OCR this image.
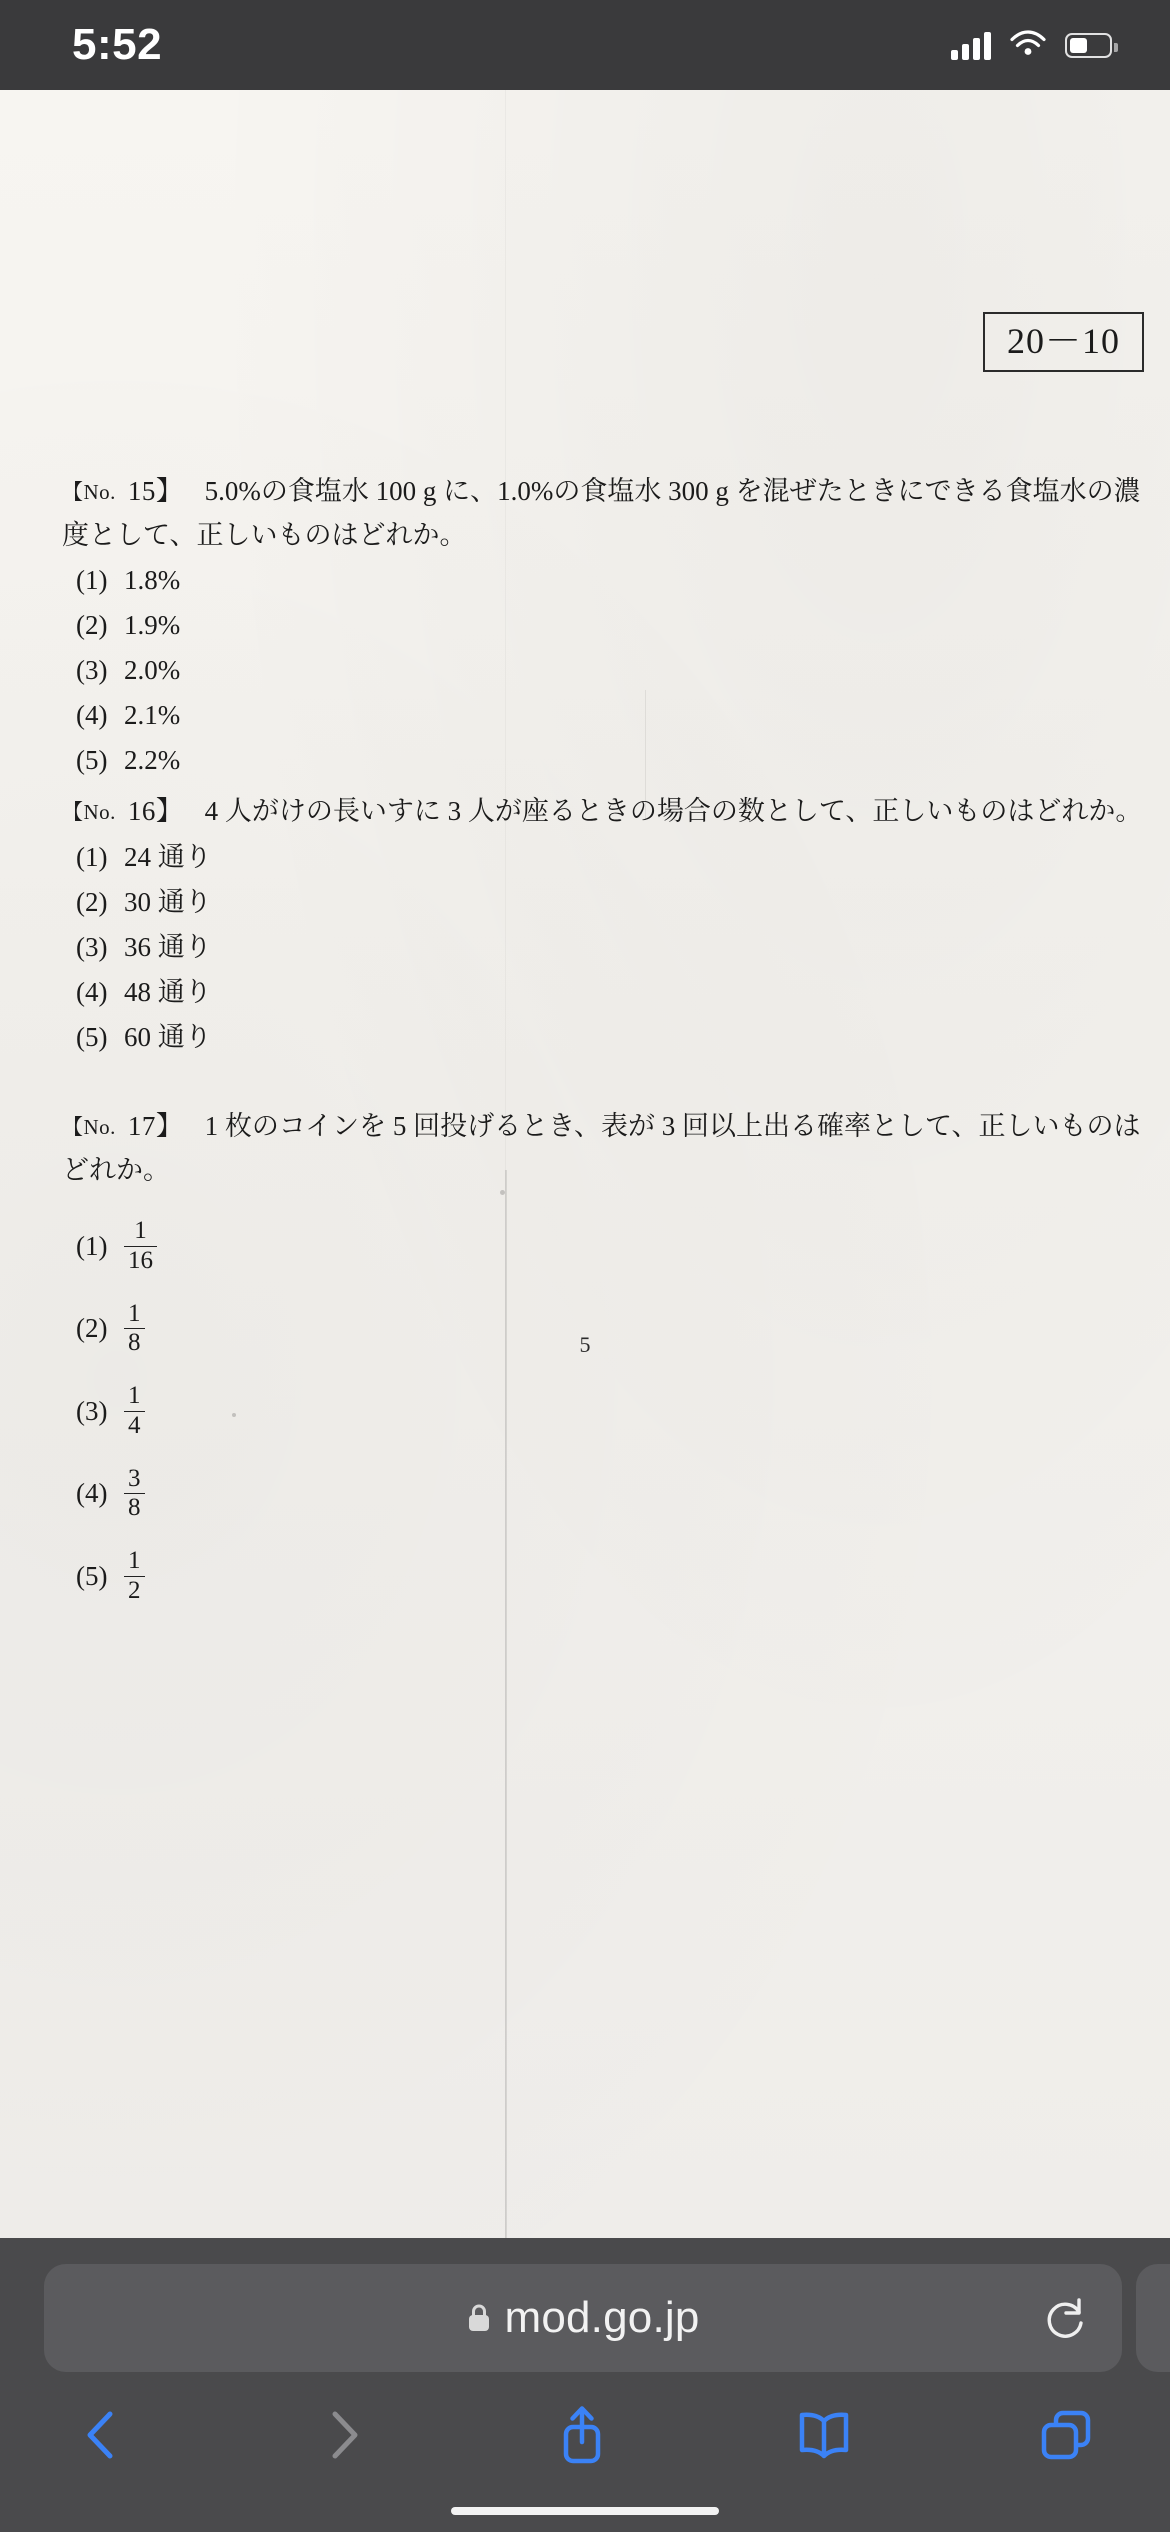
5:52
20－10
【No. 15】 5.0%の食塩水 100 g に、1.0%の食塩水 300 g を混ぜたときにできる食塩水の濃度として、正しいものはどれか。
(1) 1.8%
(2) 1.9%
(3) 2.0%
(4) 2.1%
(5) 2.2%
【No. 16】 4 人がけの長いすに 3 人が座るときの場合の数として、正しいものはどれか。
(1) 24 通り
(2) 30 通り
(3) 36 通り
(4) 48 通り
(5) 60 通り
【No. 17】 1 枚のコインを 5 回投げるとき、表が 3 回以上出る確率として、正しいものはどれか。
$(1) \frac{1}{16}$
$(2) \frac{1}{8}$
$(3) \frac{1}{4}$
$(4) \frac{3}{8}$
$(5) \frac{1}{2}$
5
mod.go.jp
